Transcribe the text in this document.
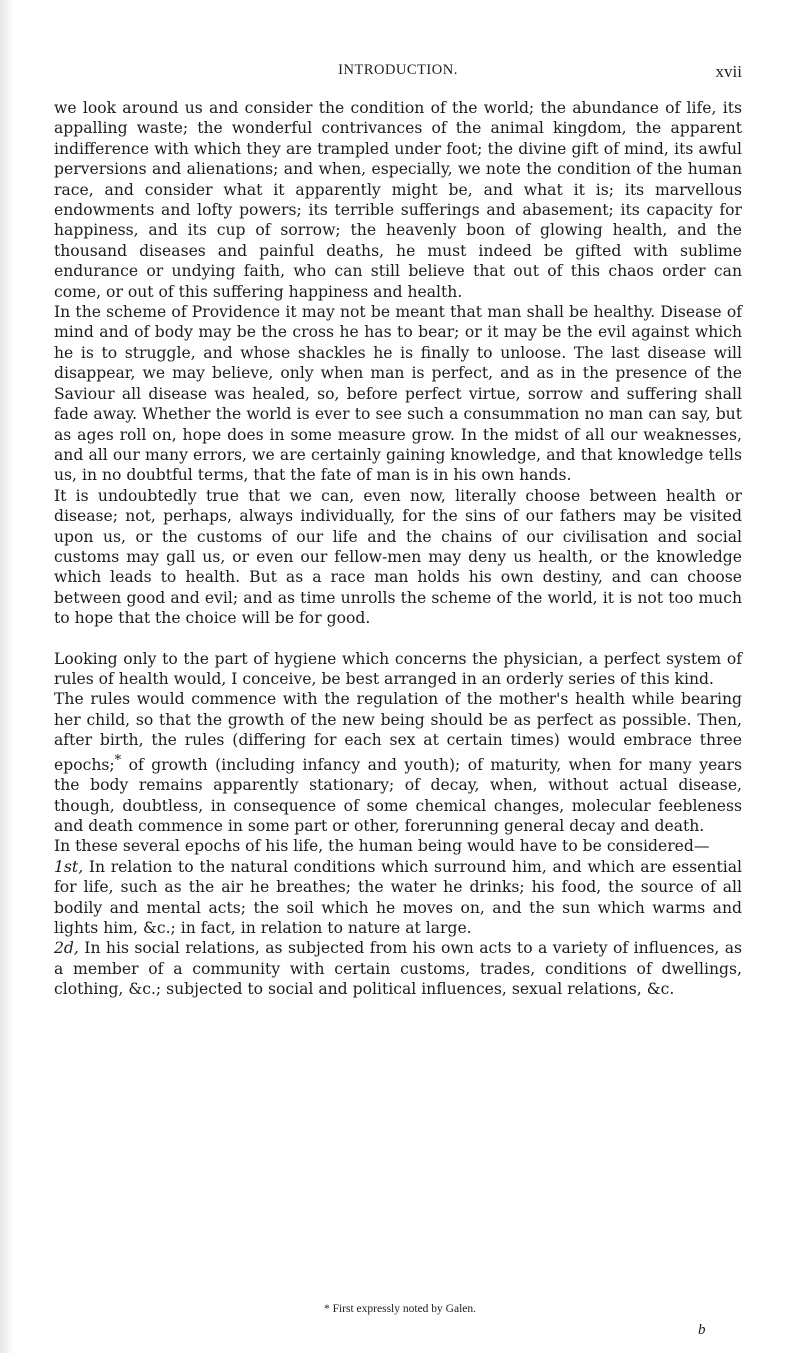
INTRODUCTION.	xvii

we look around us and consider the condition of the world; the abundance of life, its appalling waste; the wonderful contrivances of the animal kingdom, the apparent indifference with which they are trampled under foot; the divine gift of mind, its awful perversions and alienations; and when, especially, we note the condition of the human race, and consider what it apparently might be, and what it is; its marvellous endowments and lofty powers; its terrible sufferings and abasement; its capacity for happiness, and its cup of sorrow; the heavenly boon of glowing health, and the thousand diseases and painful deaths, he must indeed be gifted with sublime endurance or undying faith, who can still believe that out of this chaos order can come, or out of this suffering happiness and health.

In the scheme of Providence it may not be meant that man shall be healthy. Disease of mind and of body may be the cross he has to bear; or it may be the evil against which he is to struggle, and whose shackles he is finally to unloose. The last disease will disappear, we may believe, only when man is perfect, and as in the presence of the Saviour all disease was healed, so, before perfect virtue, sorrow and suffering shall fade away. Whether the world is ever to see such a consummation no man can say, but as ages roll on, hope does in some measure grow. In the midst of all our weaknesses, and all our many errors, we are certainly gaining knowledge, and that knowledge tells us, in no doubtful terms, that the fate of man is in his own hands.

It is undoubtedly true that we can, even now, literally choose between health or disease; not, perhaps, always individually, for the sins of our fathers may be visited upon us, or the customs of our life and the chains of our civilisation and social customs may gall us, or even our fellow-men may deny us health, or the knowledge which leads to health. But as a race man holds his own destiny, and can choose between good and evil; and as time unrolls the scheme of the world, it is not too much to hope that the choice will be for good.

Looking only to the part of hygiene which concerns the physician, a perfect system of rules of health would, I conceive, be best arranged in an orderly series of this kind.

The rules would commence with the regulation of the mother's health while bearing her child, so that the growth of the new being should be as perfect as possible. Then, after birth, the rules (differing for each sex at certain times) would embrace three epochs;* of growth (including infancy and youth); of maturity, when for many years the body remains apparently stationary; of decay, when, without actual disease, though, doubtless, in consequence of some chemical changes, molecular feebleness and death commence in some part or other, forerunning general decay and death.

In these several epochs of his life, the human being would have to be considered—

1st, In relation to the natural conditions which surround him, and which are essential for life, such as the air he breathes; the water he drinks; his food, the source of all bodily and mental acts; the soil which he moves on, and the sun which warms and lights him, &c.; in fact, in relation to nature at large.

2d, In his social relations, as subjected from his own acts to a variety of influences, as a member of a community with certain customs, trades, conditions of dwellings, clothing, &c.; subjected to social and political influences, sexual relations, &c.

* First expressly noted by Galen.
b
